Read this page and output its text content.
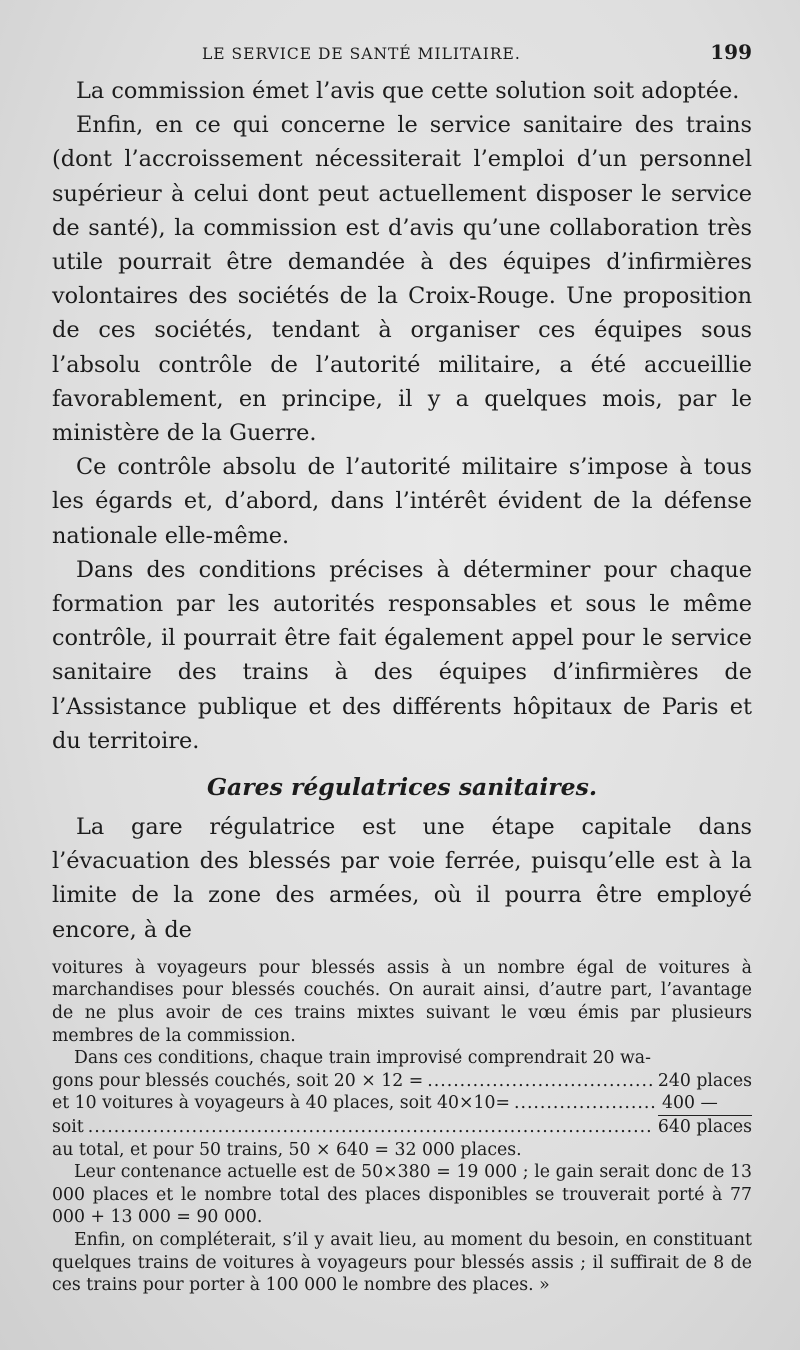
LE SERVICE DE SANTÉ MILITAIRE.	199

La commission émet l’avis que cette solution soit adoptée.

Enfin, en ce qui concerne le service sanitaire des trains (dont l’accroissement nécessiterait l’emploi d’un personnel supérieur à celui dont peut actuellement disposer le service de santé), la commission est d’avis qu’une collaboration très utile pourrait être demandée à des équipes d’infirmières volontaires des sociétés de la Croix-Rouge. Une proposition de ces sociétés, tendant à organiser ces équipes sous l’absolu contrôle de l’autorité militaire, a été accueillie favorablement, en principe, il y a quelques mois, par le ministère de la Guerre.

Ce contrôle absolu de l’autorité militaire s’impose à tous les égards et, d’abord, dans l’intérêt évident de la défense nationale elle-même.

Dans des conditions précises à déterminer pour chaque formation par les autorités responsables et sous le même contrôle, il pourrait être fait également appel pour le service sanitaire des trains à des équipes d’infirmières de l’Assistance publique et des différents hôpitaux de Paris et du territoire.

Gares régulatrices sanitaires.

La gare régulatrice est une étape capitale dans l’évacuation des blessés par voie ferrée, puisqu’elle est à la limite de la zone des armées, où il pourra être employé encore, à de

voitures à voyageurs pour blessés assis à un nombre égal de voitures à marchandises pour blessés couchés. On aurait ainsi, d’autre part, l’avantage de ne plus avoir de ces trains mixtes suivant le vœu émis par plusieurs membres de la commission.

Dans ces conditions, chaque train improvisé comprendrait 20 wa-

gons pour blessés couchés, soit 20 × 12 = .....	240 places
et 10 voitures à voyageurs à 40 places, soit 40×10= .....	400 —
soit .....	640 places

au total, et pour 50 trains, 50 × 640 = 32 000 places.

Leur contenance actuelle est de 50×380 = 19 000 ; le gain serait donc de 13 000 places et le nombre total des places disponibles se trouverait porté à 77 000 + 13 000 = 90 000.

Enfin, on compléterait, s’il y avait lieu, au moment du besoin, en constituant quelques trains de voitures à voyageurs pour blessés assis ; il suffirait de 8 de ces trains pour porter à 100 000 le nombre des places. »
